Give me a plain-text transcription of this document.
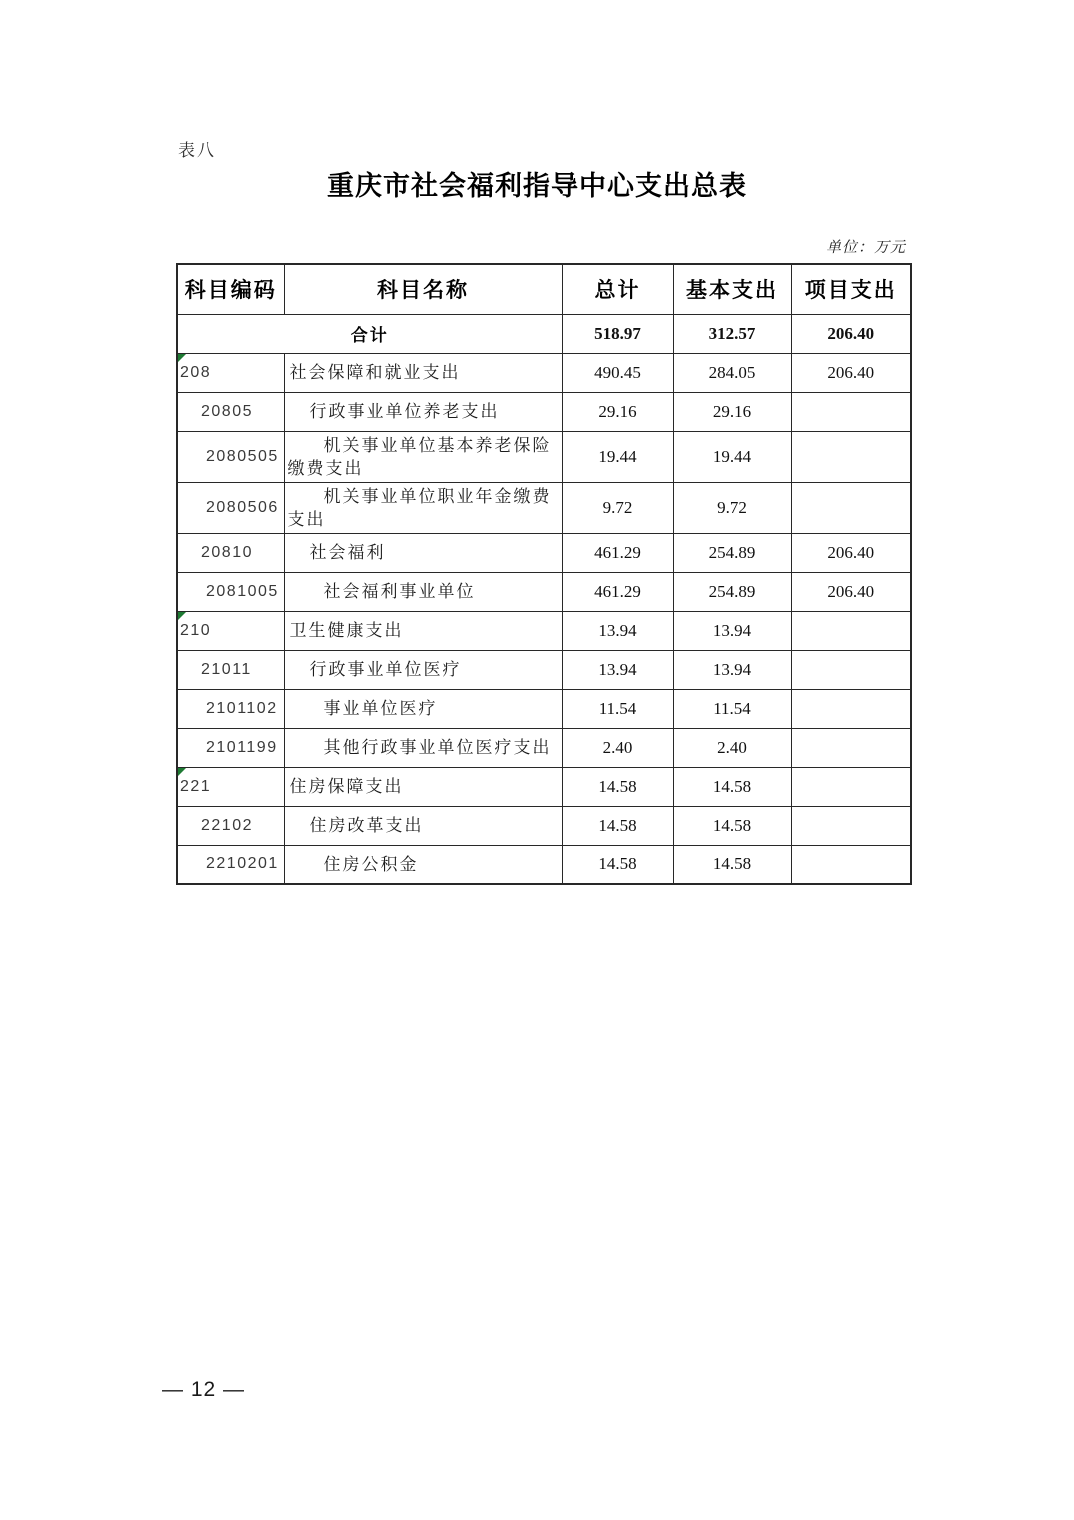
表八
重庆市社会福利指导中心支出总表
单位：万元
科目编码	科目名称	总计	基本支出	项目支出
合计		518.97	312.57	206.40

208	社会保障和就业支出	490.45	284.05	206.40

20805	行政事业单位养老支出	29.16	29.16	

2080505	机关事业单位基本养老保险缴费支出	19.44	19.44	

2080506	机关事业单位职业年金缴费支出	9.72	9.72	

20810	社会福利	461.29	254.89	206.40

2081005	社会福利事业单位	461.29	254.89	206.40

210	卫生健康支出	13.94	13.94	

21011	行政事业单位医疗	13.94	13.94	

2101102	事业单位医疗	11.54	11.54	

2101199	其他行政事业单位医疗支出	2.40	2.40	

221	住房保障支出	14.58	14.58	

22102	住房改革支出	14.58	14.58	

2210201	住房公积金	14.58	14.58	
— 12 —
